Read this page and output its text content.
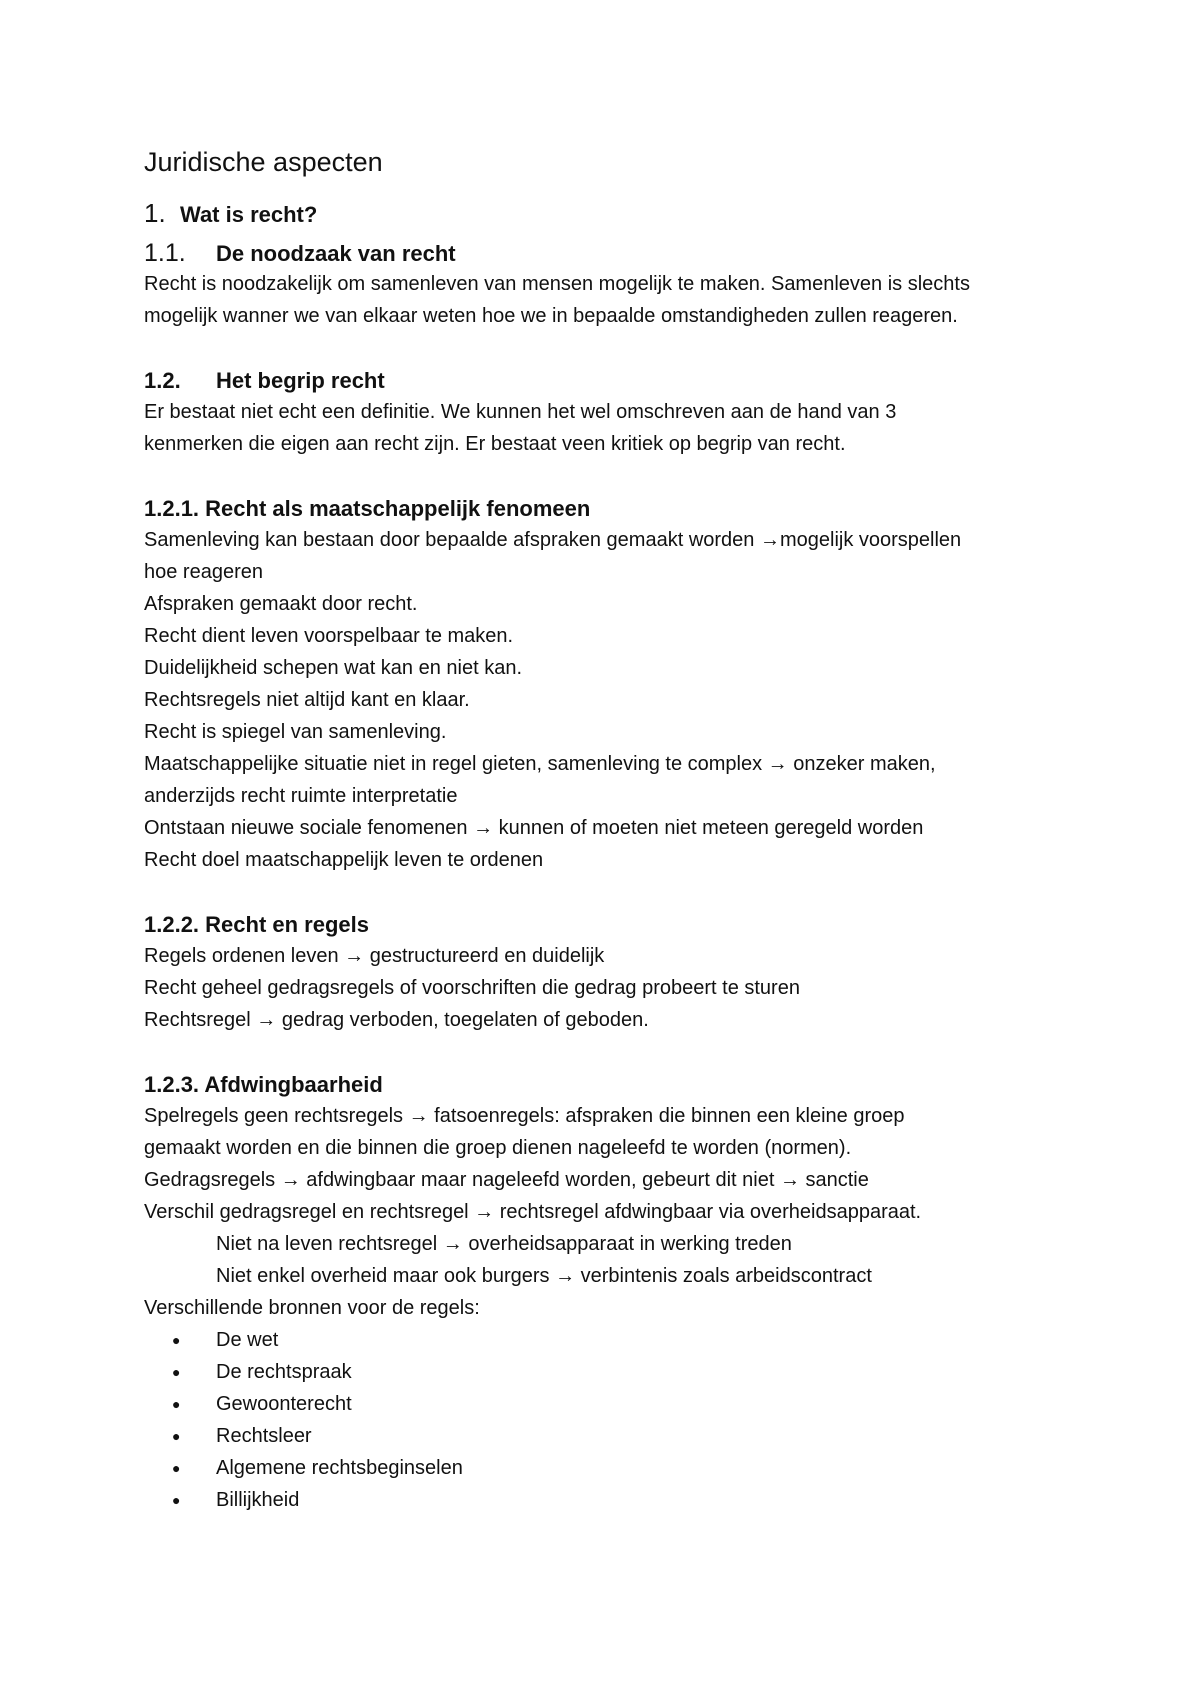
Juridische aspecten
1. Wat is recht?
1.1.	De noodzaak van recht

Recht is noodzakelijk om samenleven van mensen mogelijk te maken. Samenleven is slechts

mogelijk wanner we van elkaar weten hoe we in bepaalde omstandigheden zullen reageren.

1.2.	Het begrip recht

Er bestaat niet echt een definitie. We kunnen het wel omschreven aan de hand van 3

kenmerken die eigen aan recht zijn. Er bestaat veen kritiek op begrip van recht.

1.2.1. Recht als maatschappelijk fenomeen

Samenleving kan bestaan door bepaalde afspraken gemaakt worden →mogelijk voorspellen

hoe reageren

Afspraken gemaakt door recht.

Recht dient leven voorspelbaar te maken.

Duidelijkheid schepen wat kan en niet kan.

Rechtsregels niet altijd kant en klaar.

Recht is spiegel van samenleving.

Maatschappelijke situatie niet in regel gieten, samenleving te complex → onzeker maken,

anderzijds recht ruimte interpretatie

Ontstaan nieuwe sociale fenomenen → kunnen of moeten niet meteen geregeld worden

Recht doel maatschappelijk leven te ordenen

1.2.2. Recht en regels

Regels ordenen leven → gestructureerd en duidelijk

Recht geheel gedragsregels of voorschriften die gedrag probeert te sturen

Rechtsregel → gedrag verboden, toegelaten of geboden.

1.2.3. Afdwingbaarheid

Spelregels geen rechtsregels → fatsoenregels: afspraken die binnen een kleine groep

gemaakt worden en die binnen die groep dienen nageleefd te worden (normen).

Gedragsregels → afdwingbaar maar nageleefd worden, gebeurt dit niet → sanctie

Verschil gedragsregel en rechtsregel → rechtsregel afdwingbaar via overheidsapparaat.

Niet na leven rechtsregel → overheidsapparaat in werking treden

Niet enkel overheid maar ook burgers → verbintenis zoals arbeidscontract

Verschillende bronnen voor de regels:

●	De wet
●	De rechtspraak
●	Gewoonterecht
●	Rechtsleer
●	Algemene rechtsbeginselen
●	Billijkheid
